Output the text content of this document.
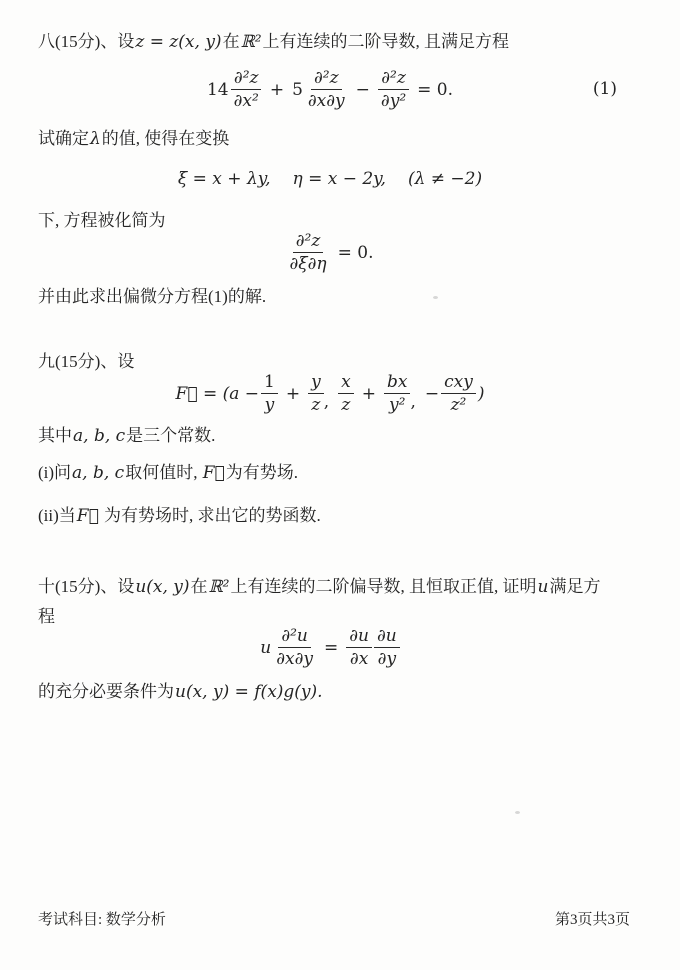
八(15分)、设z = z(x, y)在ℝ²上有连续的二阶导数, 且满足方程
$14 \frac{\text{∂²z}}{\text{∂x²}} + 5 \frac{\text{∂²z}}{\partial x\partial y} - \frac{\text{∂²z}}{\text{∂y²}} = 0$.	(1)
试确定λ的值, 使得在变换
ξ = x + λy, η = x − 2y, (λ ≠ −2)
下, 方程被化简为
$\frac{\text{∂²z}}{\partial\xi\partial\eta} = 0$.
并由此求出偏微分方程(1)的解.
九(15分)、设
F⃗ = ($a - \frac{1}{y} + \frac{y}{z}$ , $\frac{x}{z} + \frac{bx}{\text{y²}}$ , − $\frac{\text{cxy}}{\text{z²}}$ )
其中a, b, c是三个常数.
(i)问a, b, c取何值时, F⃗为有势场.
(ii)当F⃗ 为有势场时, 求出它的势函数.
十(15分)、设u(x, y)在ℝ²上有连续的二阶偏导数, 且恒取正值, 证明u满足方
程
u $\frac{\text{∂²u}}{\partial x\partial y} = \frac{\partial u}{\partial x} \frac{\partial u}{\partial y}$
的充分必要条件为u(x, y) = f(x)g(y).
考试科目: 数学分析	第3页共3页
